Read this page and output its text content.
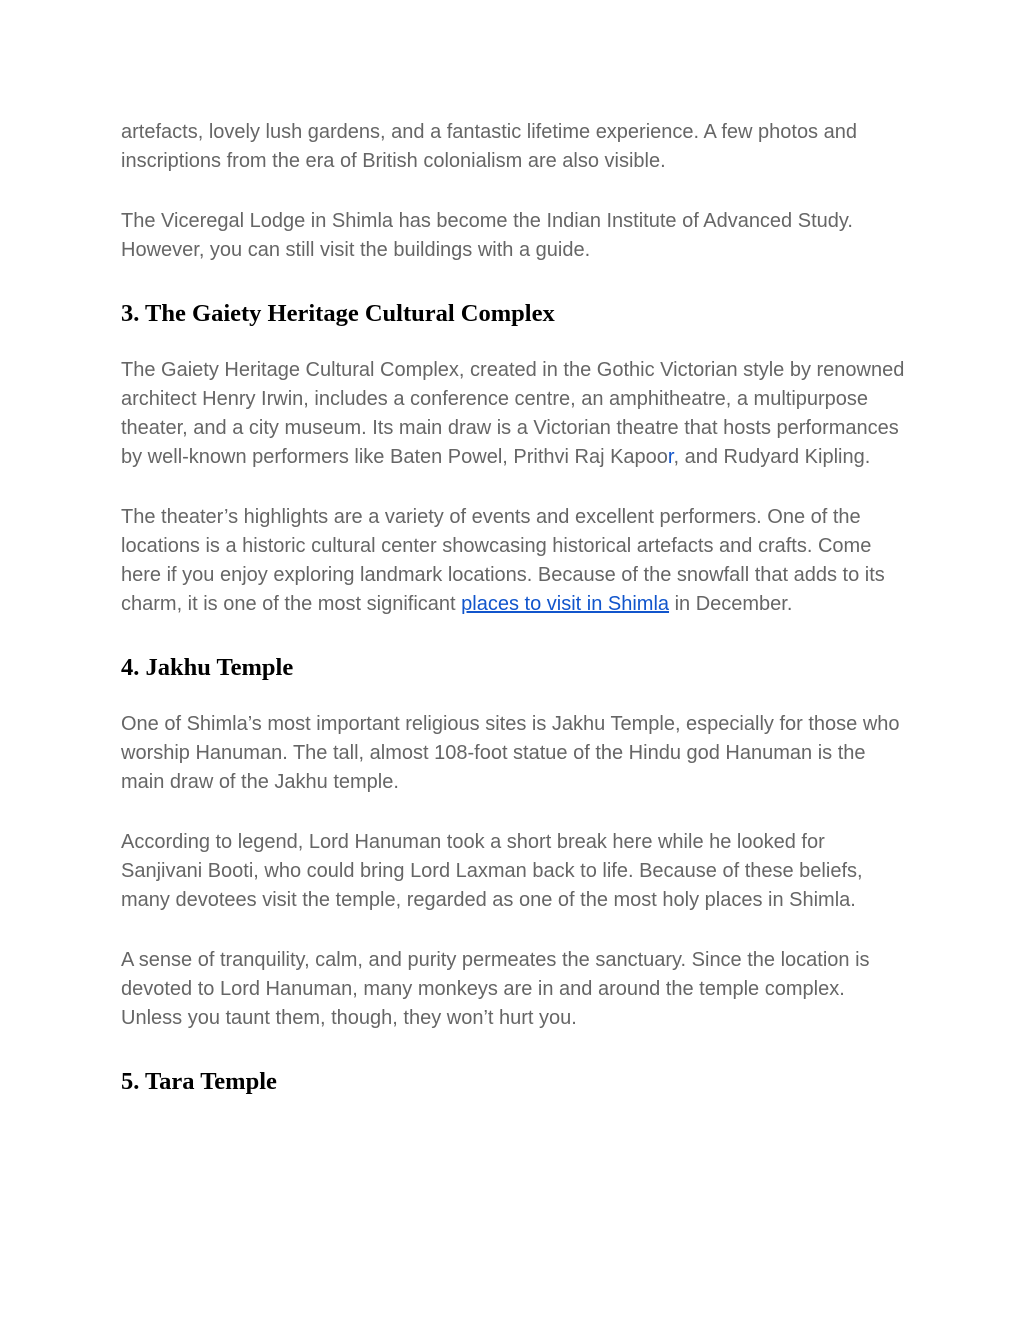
artefacts, lovely lush gardens, and a fantastic lifetime experience. A few photos and inscriptions from the era of British colonialism are also visible.

The Viceregal Lodge in Shimla has become the Indian Institute of Advanced Study. However, you can still visit the buildings with a guide.

3. The Gaiety Heritage Cultural Complex

The Gaiety Heritage Cultural Complex, created in the Gothic Victorian style by renowned architect Henry Irwin, includes a conference centre, an amphitheatre, a multipurpose theater, and a city museum. Its main draw is a Victorian theatre that hosts performances by well-known performers like Baten Powel, Prithvi Raj Kapoor, and Rudyard Kipling.

The theater’s highlights are a variety of events and excellent performers. One of the locations is a historic cultural center showcasing historical artefacts and crafts. Come here if you enjoy exploring landmark locations. Because of the snowfall that adds to its charm, it is one of the most significant places to visit in Shimla in December.

4. Jakhu Temple

One of Shimla’s most important religious sites is Jakhu Temple, especially for those who worship Hanuman. The tall, almost 108-foot statue of the Hindu god Hanuman is the main draw of the Jakhu temple.

According to legend, Lord Hanuman took a short break here while he looked for Sanjivani Booti, who could bring Lord Laxman back to life. Because of these beliefs, many devotees visit the temple, regarded as one of the most holy places in Shimla.

A sense of tranquility, calm, and purity permeates the sanctuary. Since the location is devoted to Lord Hanuman, many monkeys are in and around the temple complex. Unless you taunt them, though, they won’t hurt you.

5. Tara Temple
